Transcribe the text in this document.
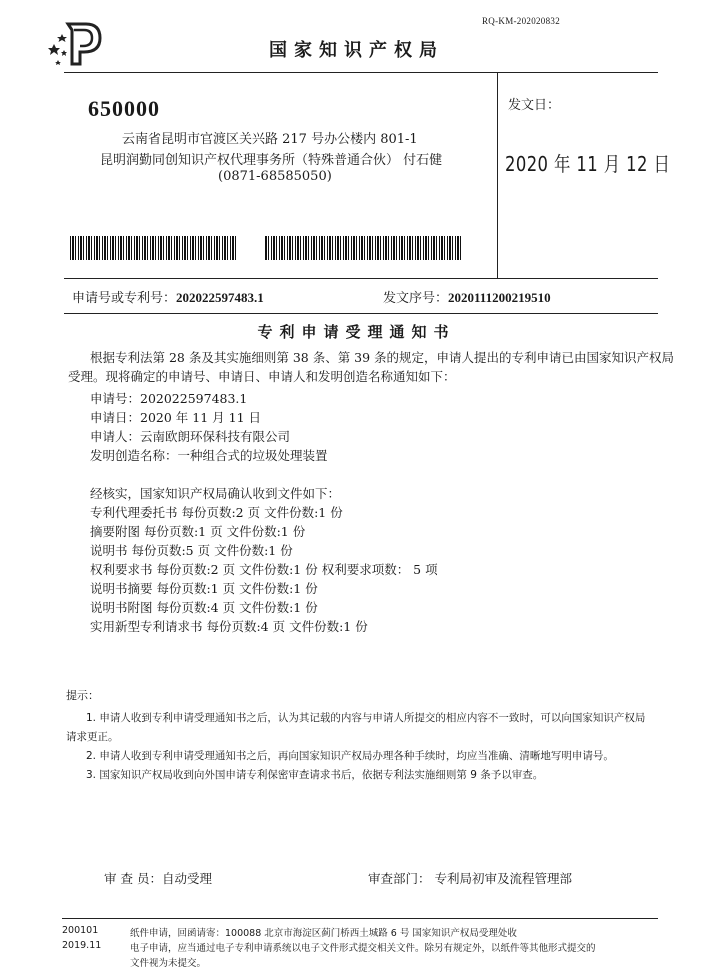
RQ-KM-202020832
国家知识产权局
650000
云南省昆明市官渡区关兴路 217 号办公楼内 801-1
昆明润勤同创知识产权代理事务所（特殊普通合伙） 付石健
(0871-68585050)
发文日：
2020 年 11 月 12 日
申请号或专利号：202022597483.1	发文序号：2020111200219510
专利申请受理通知书
根据专利法第 28 条及其实施细则第 38 条、第 39 条的规定，申请人提出的专利申请已由国家知识产权局
受理。现将确定的申请号、申请日、申请人和发明创造名称通知如下：
申请号：202022597483.1
申请日：2020 年 11 月 11 日
申请人：云南欧朗环保科技有限公司
发明创造名称：一种组合式的垃圾处理装置
经核实，国家知识产权局确认收到文件如下：
专利代理委托书 每份页数:2 页 文件份数:1 份
摘要附图 每份页数:1 页 文件份数:1 份
说明书 每份页数:5 页 文件份数:1 份
权利要求书 每份页数:2 页 文件份数:1 份 权利要求项数： 5 项
说明书摘要 每份页数:1 页 文件份数:1 份
说明书附图 每份页数:4 页 文件份数:1 份
实用新型专利请求书 每份页数:4 页 文件份数:1 份
提示：
1. 申请人收到专利申请受理通知书之后，认为其记载的内容与申请人所提交的相应内容不一致时，可以向国家知识产权局
请求更正。
2. 申请人收到专利申请受理通知书之后，再向国家知识产权局办理各种手续时，均应当准确、清晰地写明申请号。
3. 国家知识产权局收到向外国申请专利保密审查请求书后，依据专利法实施细则第 9 条予以审查。
审 查 员：自动受理	审查部门： 专利局初审及流程管理部
200101
2019.11
纸件申请，回函请寄：100088 北京市海淀区蓟门桥西土城路 6 号 国家知识产权局受理处收
电子申请，应当通过电子专利申请系统以电子文件形式提交相关文件。除另有规定外，以纸件等其他形式提交的
文件视为未提交。
